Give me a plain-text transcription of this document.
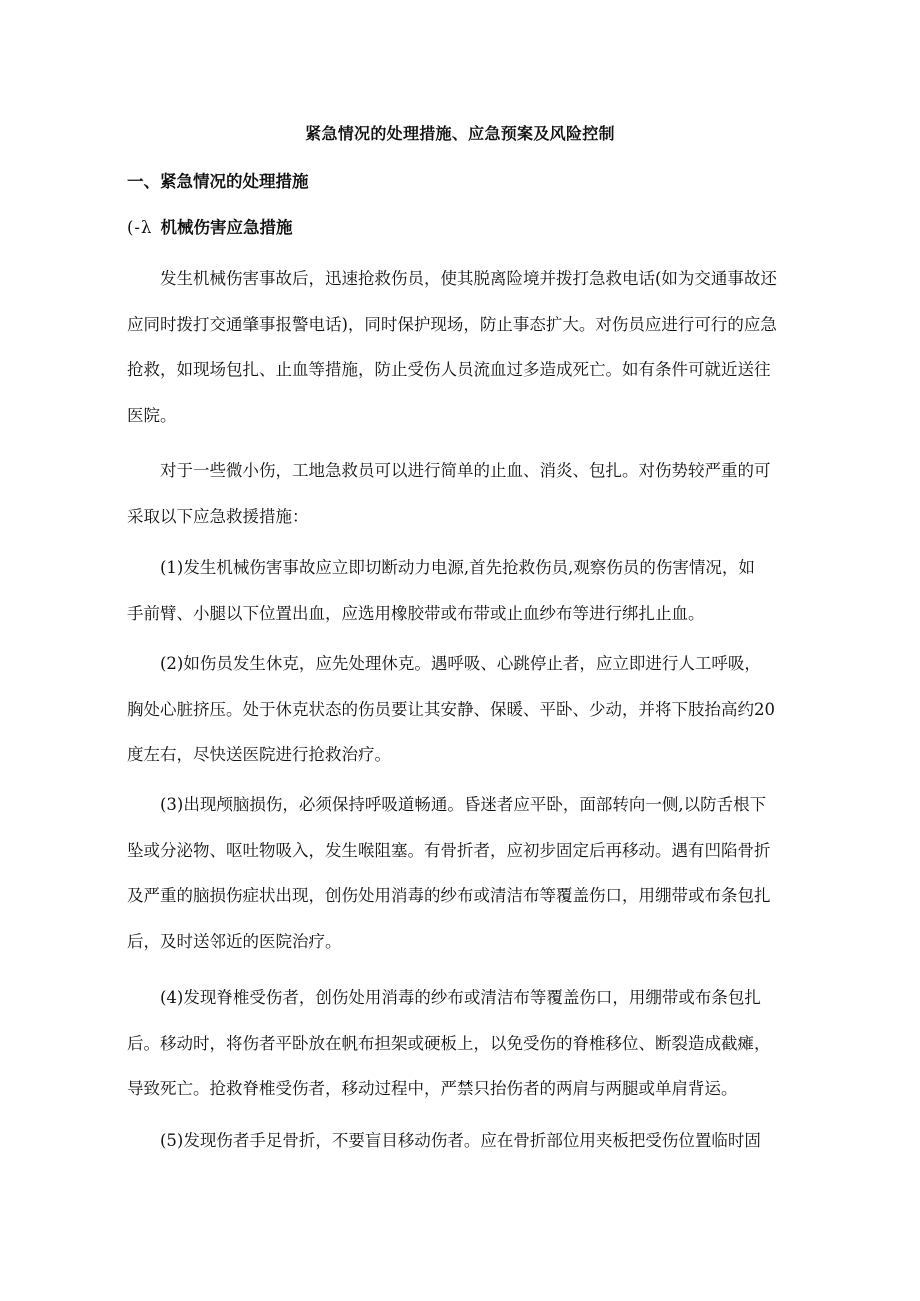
紧急情况的处理措施、应急预案及风险控制
一、紧急情况的处理措施
(-λ 机械伤害应急措施
发生机械伤害事故后，迅速抢救伤员，使其脱离险境并拨打急救电话(如为交通事故还
应同时拨打交通肇事报警电话)，同时保护现场，防止事态扩大。对伤员应进行可行的应急
抢救，如现场包扎、止血等措施，防止受伤人员流血过多造成死亡。如有条件可就近送往
医院。
对于一些微小伤，工地急救员可以进行简单的止血、消炎、包扎。对伤势较严重的可
采取以下应急救援措施：
(1)发生机械伤害事故应立即切断动力电源,首先抢救伤员,观察伤员的伤害情况，如
手前臂、小腿以下位置出血，应选用橡胶带或布带或止血纱布等进行绑扎止血。
(2)如伤员发生休克，应先处理休克。遇呼吸、心跳停止者，应立即进行人工呼吸，
胸处心脏挤压。处于休克状态的伤员要让其安静、保暖、平卧、少动，并将下肢抬高约20
度左右，尽快送医院进行抢救治疗。
(3)出现颅脑损伤，必须保持呼吸道畅通。昏迷者应平卧，面部转向一侧,以防舌根下
坠或分泌物、呕吐物吸入，发生喉阻塞。有骨折者，应初步固定后再移动。遇有凹陷骨折
及严重的脑损伤症状出现，创伤处用消毒的纱布或清洁布等覆盖伤口，用绷带或布条包扎
后，及时送邻近的医院治疗。
(4)发现脊椎受伤者，创伤处用消毒的纱布或清洁布等覆盖伤口，用绷带或布条包扎
后。移动时，将伤者平卧放在帆布担架或硬板上，以免受伤的脊椎移位、断裂造成截瘫，
导致死亡。抢救脊椎受伤者，移动过程中，严禁只抬伤者的两肩与两腿或单肩背运。
(5)发现伤者手足骨折，不要盲目移动伤者。应在骨折部位用夹板把受伤位置临时固
